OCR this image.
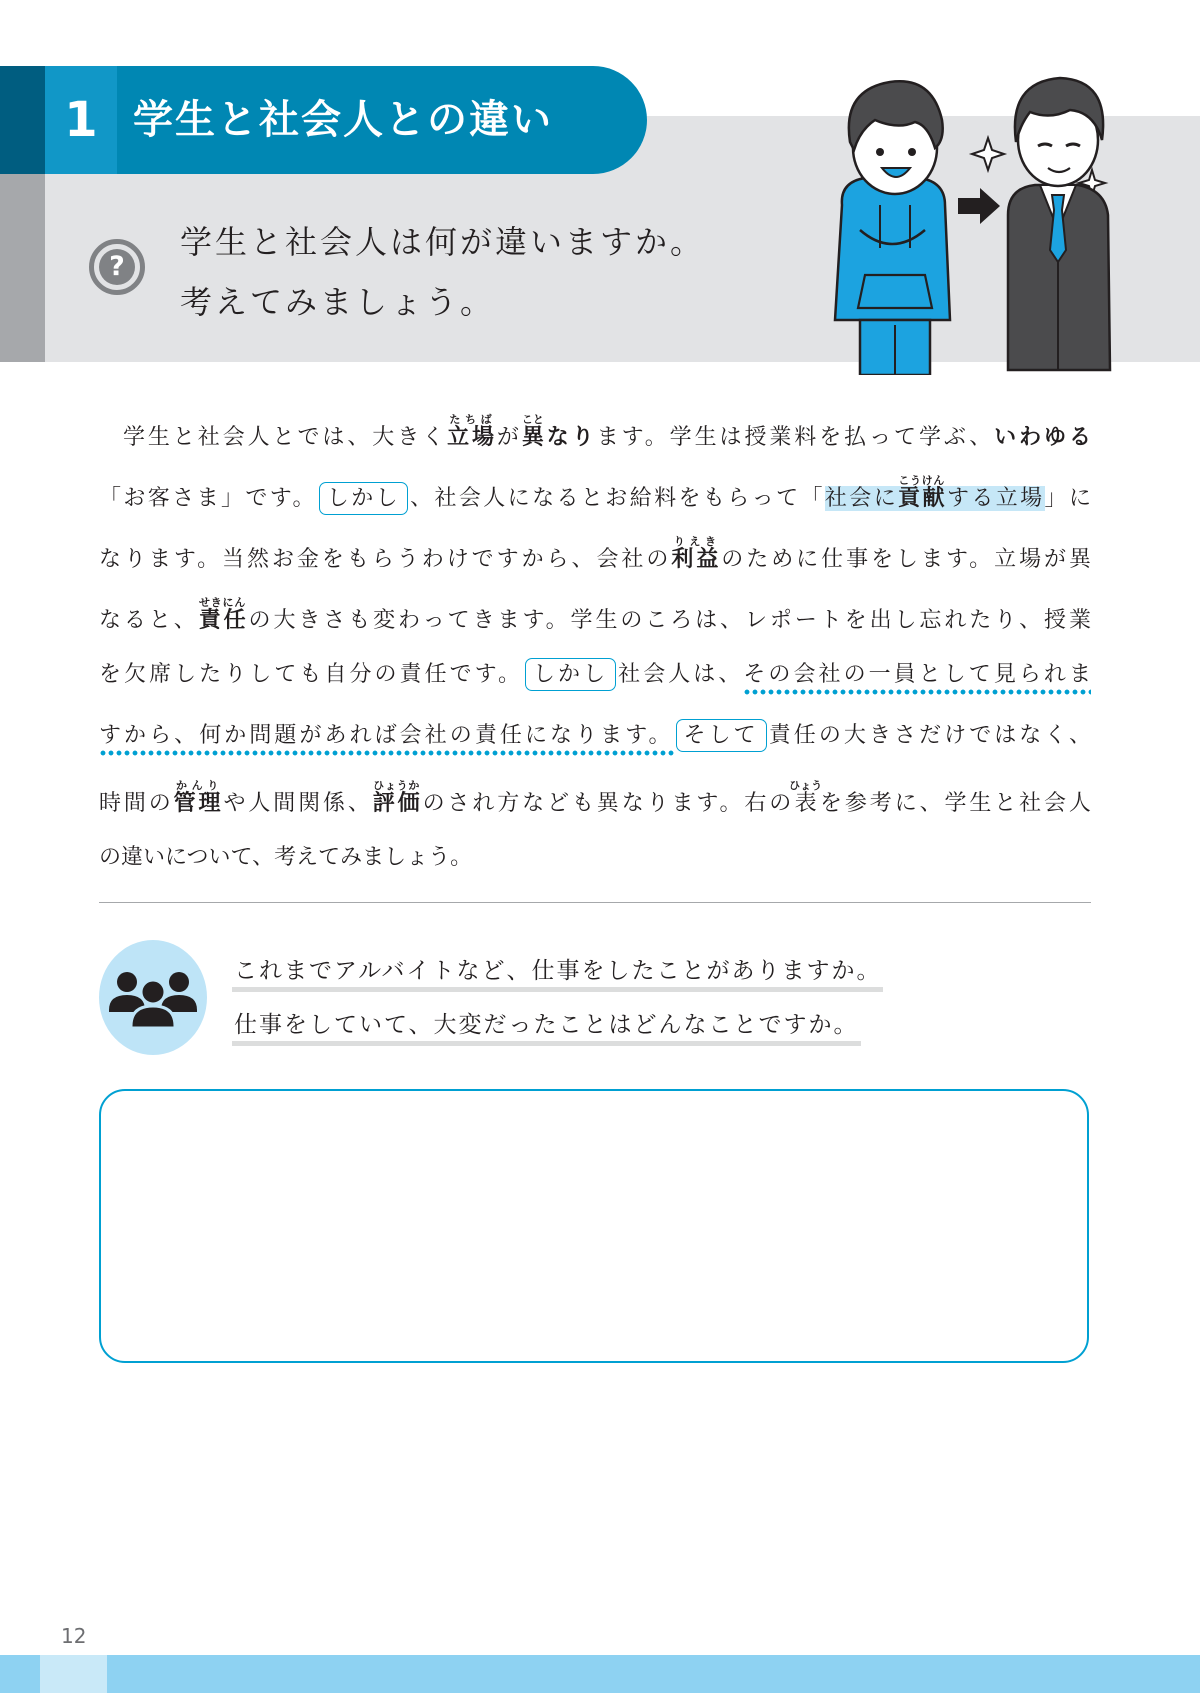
1 学生と社会人との違い
?
学生と社会人は何が違いますか。
考えてみましょう。
学生と社会人とでは、大きく立場たちばが異ことなります。学生は授業料を払って学ぶ、いわゆる
「お客さま」です。 しかし 、社会人になるとお給料をもらって「社会に貢献こうけんする立場」に
なります。当然お金をもらうわけですから、会社の利益りえきのために仕事をします。立場が異
なると、責任せきにんの大きさも変わってきます。学生のころは、レポートを出し忘れたり、授業
を欠席したりしても自分の責任です。 しかし 社会人は、その会社の一員として見られま
すから、何か問題があれば会社の責任になります。 そして 責任の大きさだけではなく、
時間の管理かんりや人間関係、評価ひょうかのされ方なども異なります。右の表ひょうを参考に、学生と社会人
の違いについて、考えてみましょう。
これまでアルバイトなど、仕事をしたことがありますか。
仕事をしていて、大変だったことはどんなことですか。
12
